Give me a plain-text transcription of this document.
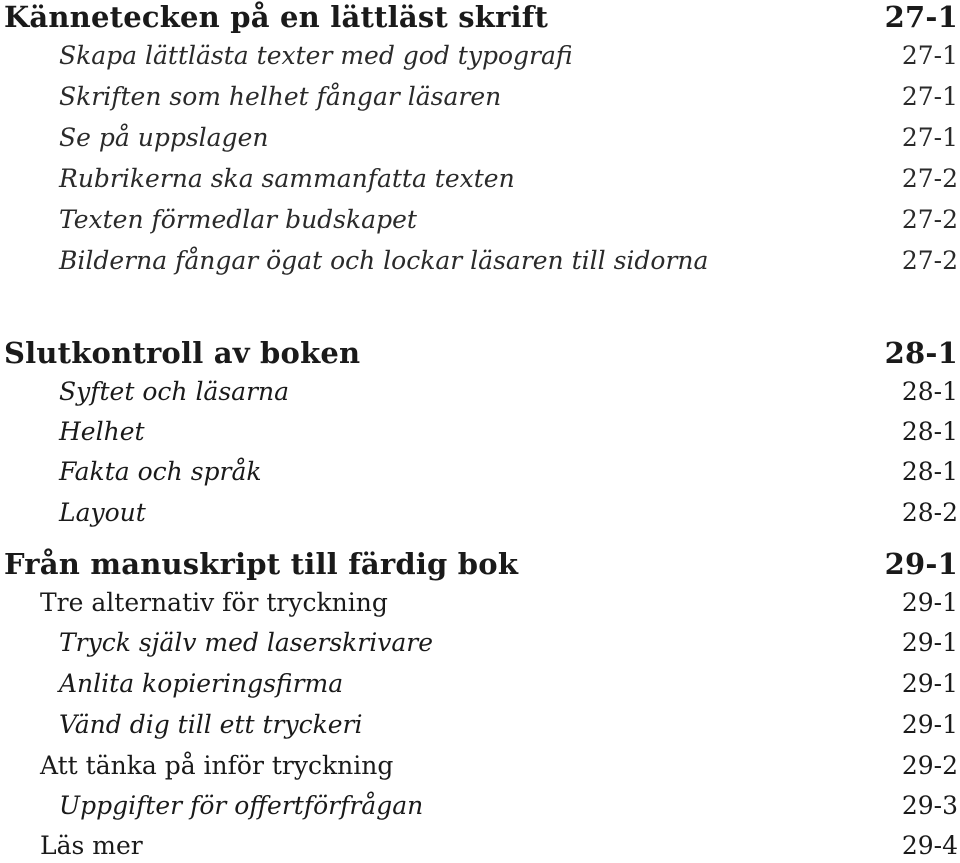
Kännetecken på en lättläst skrift	27-1
Skapa lättlästa texter med god typografi	27-1
Skriften som helhet fångar läsaren	27-1
Se på uppslagen	27-1
Rubrikerna ska sammanfatta texten	27-2
Texten förmedlar budskapet	27-2
Bilderna fångar ögat och lockar läsaren till sidorna	27-2
Slutkontroll av boken	28-1
Syftet och läsarna	28-1
Helhet	28-1
Fakta och språk	28-1
Layout	28-2
Från manuskript till färdig bok	29-1
Tre alternativ för tryckning	29-1
Tryck själv med laserskrivare	29-1
Anlita kopieringsfirma	29-1
Vänd dig till ett tryckeri	29-1
Att tänka på inför tryckning	29-2
Uppgifter för offertförfrågan	29-3
Läs mer	29-4
